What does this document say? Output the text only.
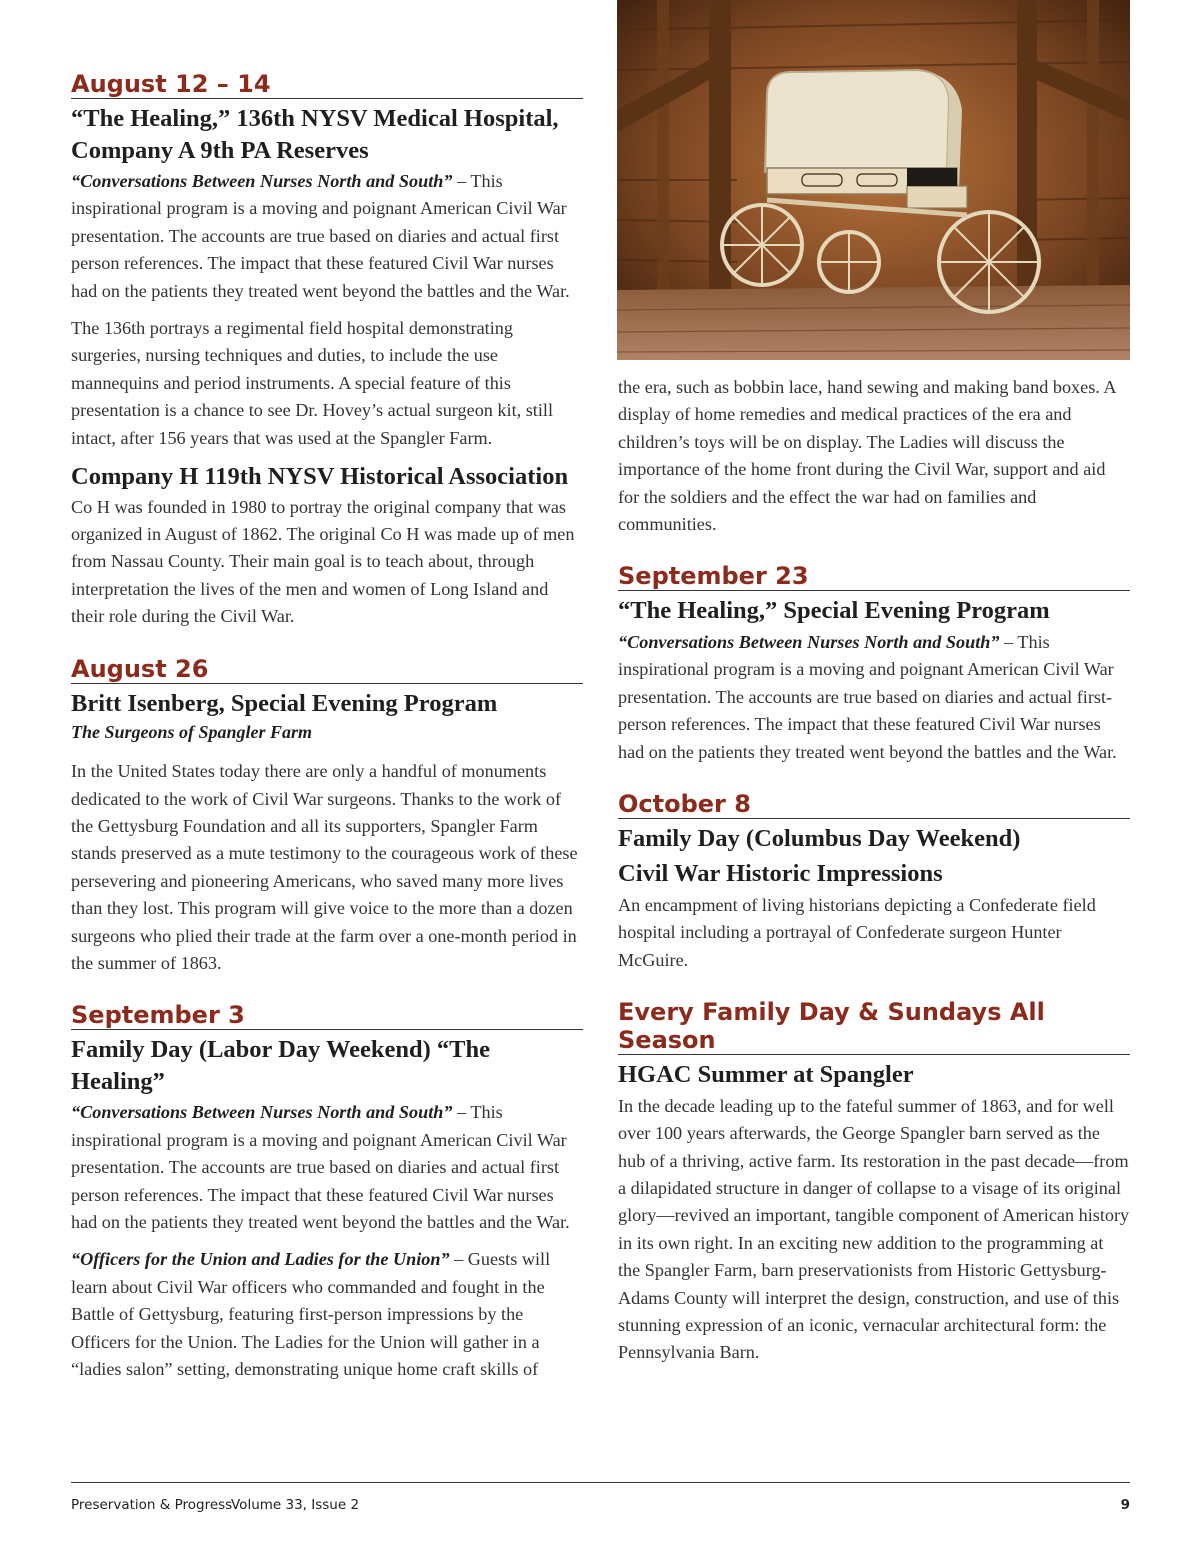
August 12 – 14
“The Healing,” 136th NYSV Medical Hospital, Company A 9th PA Reserves

“Conversations Between Nurses North and South” – This inspirational program is a moving and poignant American Civil War presentation. The accounts are true based on diaries and actual first person references. The impact that these featured Civil War nurses had on the patients they treated went beyond the battles and the War.

The 136th portrays a regimental field hospital demonstrating surgeries, nursing techniques and duties, to include the use mannequins and period instruments. A special feature of this presentation is a chance to see Dr. Hovey’s actual surgeon kit, still intact, after 156 years that was used at the Spangler Farm.

Company H 119th NYSV Historical Association

Co H was founded in 1980 to portray the original company that was organized in August of 1862. The original Co H was made up of men from Nassau County. Their main goal is to teach about, through interpretation the lives of the men and women of Long Island and their role during the Civil War.

August 26
Britt Isenberg, Special Evening Program
The Surgeons of Spangler Farm

In the United States today there are only a handful of monuments dedicated to the work of Civil War surgeons. Thanks to the work of the Gettysburg Foundation and all its supporters, Spangler Farm stands preserved as a mute testimony to the courageous work of these persevering and pioneering Americans, who saved many more lives than they lost. This program will give voice to the more than a dozen surgeons who plied their trade at the farm over a one-month period in the summer of 1863.

September 3
Family Day (Labor Day Weekend) “The Healing”

“Conversations Between Nurses North and South” – This inspirational program is a moving and poignant American Civil War presentation. The accounts are true based on diaries and actual first person references. The impact that these featured Civil War nurses had on the patients they treated went beyond the battles and the War.

“Officers for the Union and Ladies for the Union” – Guests will learn about Civil War officers who commanded and fought in the Battle of Gettysburg, featuring first-person impressions by the Officers for the Union. The Ladies for the Union will gather in a “ladies salon” setting, demonstrating unique home craft skills of

the era, such as bobbin lace, hand sewing and making band boxes. A display of home remedies and medical practices of the era and children’s toys will be on display. The Ladies will discuss the importance of the home front during the Civil War, support and aid for the soldiers and the effect the war had on families and communities.

September 23
“The Healing,” Special Evening Program

“Conversations Between Nurses North and South” – This inspirational program is a moving and poignant American Civil War presentation. The accounts are true based on diaries and actual first-person references. The impact that these featured Civil War nurses had on the patients they treated went beyond the battles and the War.

October 8
Family Day (Columbus Day Weekend)
Civil War Historic Impressions

An encampment of living historians depicting a Confederate field hospital including a portrayal of Confederate surgeon Hunter McGuire.

Every Family Day & Sundays All Season
HGAC Summer at Spangler

In the decade leading up to the fateful summer of 1863, and for well over 100 years afterwards, the George Spangler barn served as the hub of a thriving, active farm. Its restoration in the past decade—from a dilapidated structure in danger of collapse to a visage of its original glory—revived an important, tangible component of American history in its own right. In an exciting new addition to the programming at the Spangler Farm, barn preservationists from Historic Gettysburg-Adams County will interpret the design, construction, and use of this stunning expression of an iconic, vernacular architectural form: the Pennsylvania Barn.

Preservation & Progress
Volume 33, Issue 2	9
